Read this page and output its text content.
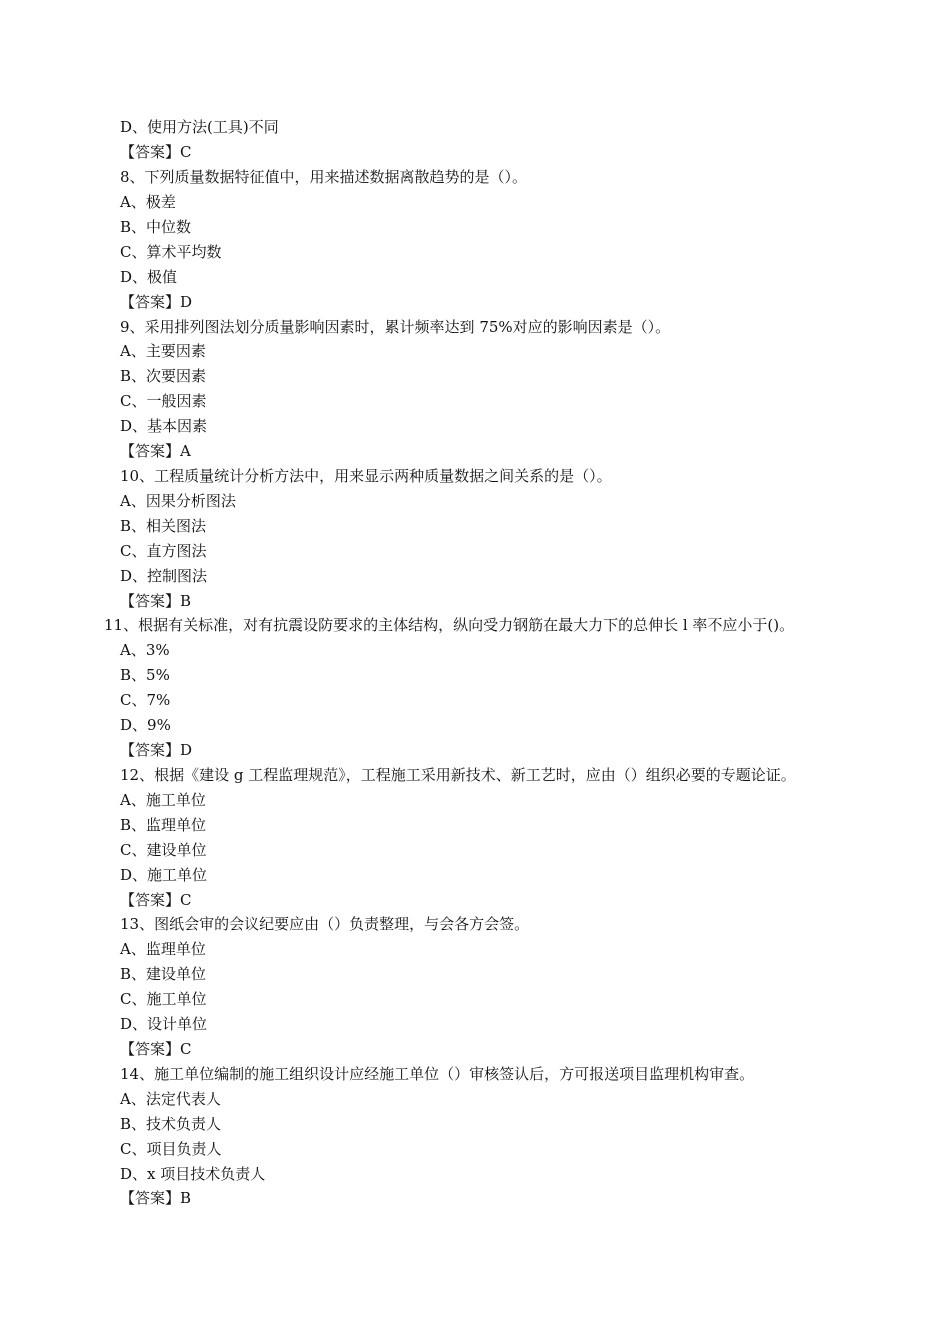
D、使用方法(工具)不同
【答案】C
8、下列质量数据特征值中，用来描述数据离散趋势的是（）。
A、极差
B、中位数
C、算术平均数
D、极值
【答案】D
9、采用排列图法划分质量影响因素时，累计频率达到 75%对应的影响因素是（）。
A、主要因素
B、次要因素
C、一般因素
D、基本因素
【答案】A
10、工程质量统计分析方法中，用来显示两种质量数据之间关系的是（）。
A、因果分析图法
B、相关图法
C、直方图法
D、控制图法
【答案】B
11、根据有关标准，对有抗震设防要求的主体结构，纵向受力钢筋在最大力下的总伸长 l 率不应小于()。
A、3%
B、5%
C、7%
D、9%
【答案】D
12、根据《建设 g 工程监理规范》，工程施工采用新技术、新工艺时，应由（）组织必要的专题论证。
A、施工单位
B、监理单位
C、建设单位
D、施工单位
【答案】C
13、图纸会审的会议纪要应由（）负责整理，与会各方会签。
A、监理单位
B、建设单位
C、施工单位
D、设计单位
【答案】C
14、施工单位编制的施工组织设计应经施工单位（）审核签认后，方可报送项目监理机构审查。
A、法定代表人
B、技术负责人
C、项目负责人
D、x 项目技术负责人
【答案】B
